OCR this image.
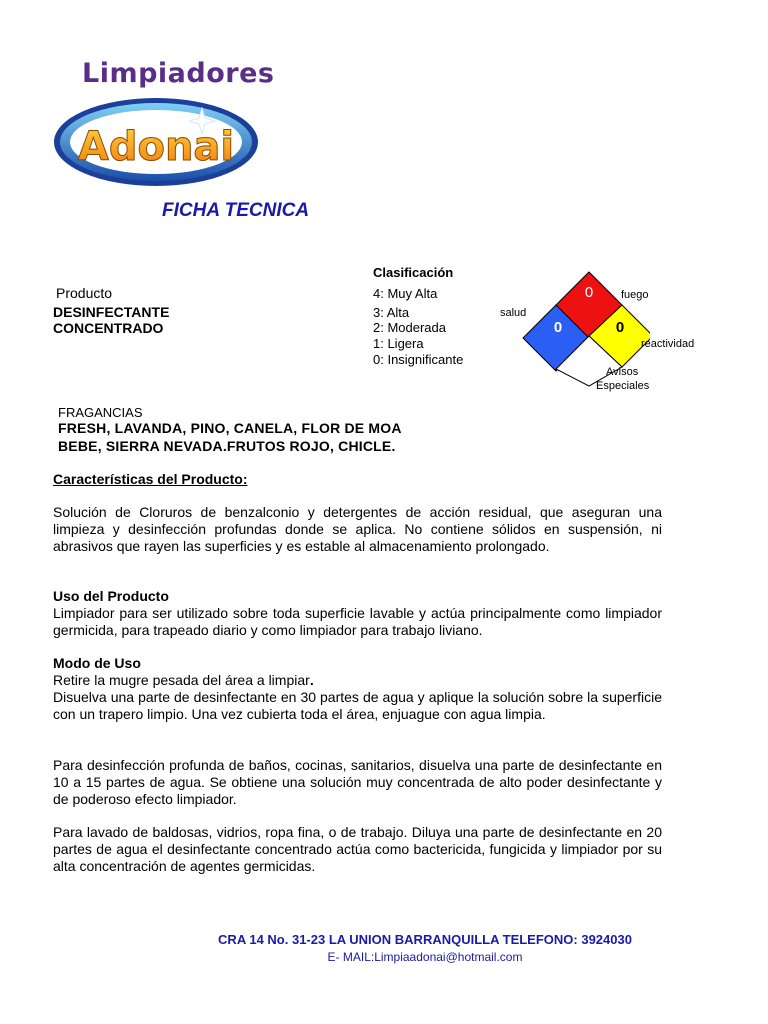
Limpiadores
Adonai
FICHA TECNICA
Producto
DESINFECTANTE
CONCENTRADO
Clasificación
4: Muy Alta
3: Alta
2: Moderada
1: Ligera
0: Insignificante
0
0	0
fuego
salud
reactividad
Avisos
Especiales
FRAGANCIAS
FRESH, LAVANDA, PINO, CANELA, FLOR DE MOA
BEBE, SIERRA NEVADA.FRUTOS ROJO, CHICLE.
Características del Producto:
Solución de Cloruros de benzalconio y detergentes de acción residual, que aseguran una limpieza y desinfección profundas donde se aplica. No contiene sólidos en suspensión, ni abrasivos que rayen las superficies y es estable al almacenamiento prolongado.
Uso del Producto
Limpiador para ser utilizado sobre toda superficie lavable y actúa principalmente como limpiador germicida, para trapeado diario y como limpiador para trabajo liviano.
Modo de Uso
Retire la mugre pesada del área a limpiar.
Disuelva una parte de desinfectante en 30 partes de agua y aplique la solución sobre la superficie con un trapero limpio. Una vez cubierta toda el área, enjuague con agua limpia.
Para desinfección profunda de baños, cocinas, sanitarios, disuelva una parte de desinfectante en 10 a 15 partes de agua. Se obtiene una solución muy concentrada de alto poder desinfectante y de poderoso efecto limpiador.
Para lavado de baldosas, vidrios, ropa fina, o de trabajo. Diluya una parte de desinfectante en 20 partes de agua el desinfectante concentrado actúa como bactericida, fungicida y limpiador por su alta concentración de agentes germicidas.
CRA 14 No. 31-23 LA UNION BARRANQUILLA TELEFONO: 3924030
E- MAIL:Limpiaadonai@hotmail.com
